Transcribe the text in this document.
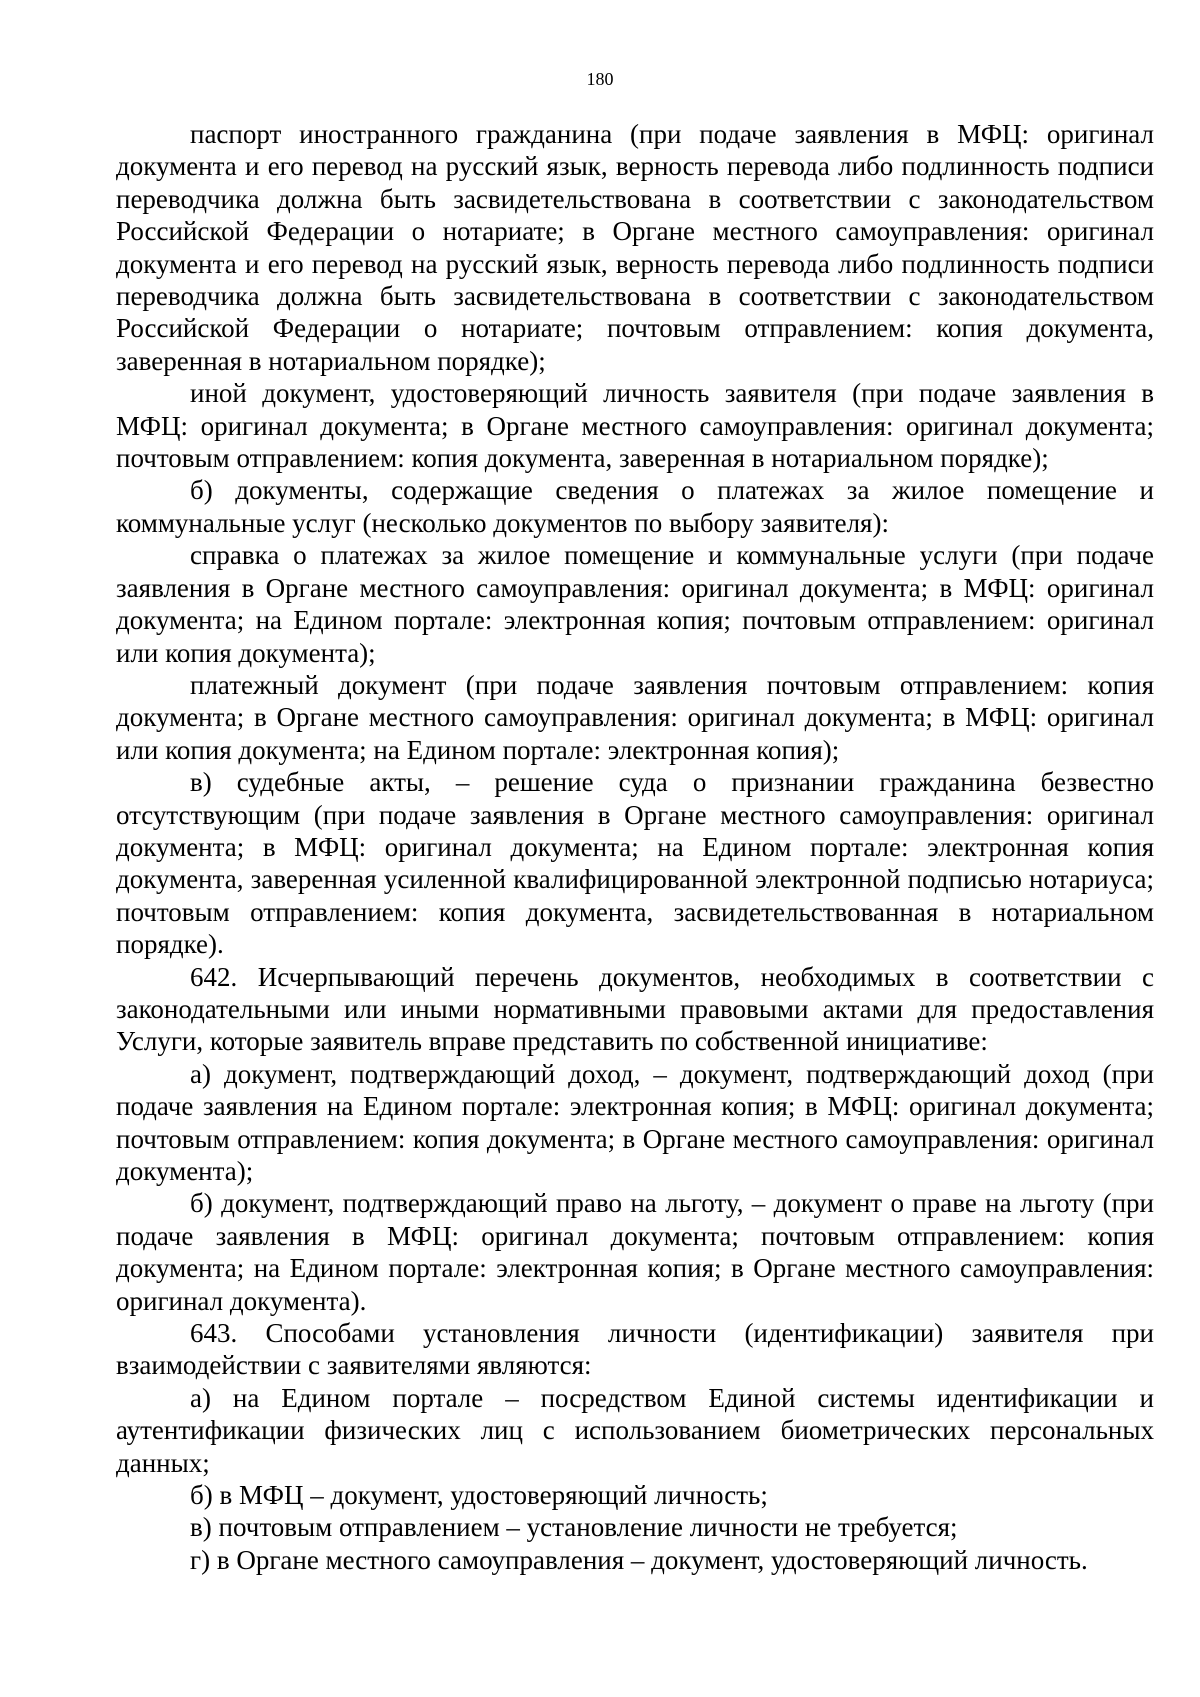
180

паспорт иностранного гражданина (при подаче заявления в МФЦ: оригинал документа и его перевод на русский язык, верность перевода либо подлинность подписи переводчика должна быть засвидетельствована в соответствии с законодательством Российской Федерации о нотариате; в Органе местного самоуправления: оригинал документа и его перевод на русский язык, верность перевода либо подлинность подписи переводчика должна быть засвидетельствована в соответствии с законодательством Российской Федерации о нотариате; почтовым отправлением: копия документа, заверенная в нотариальном порядке);

иной документ, удостоверяющий личность заявителя (при подаче заявления в МФЦ: оригинал документа; в Органе местного самоуправления: оригинал документа; почтовым отправлением: копия документа, заверенная в нотариальном порядке);

б) документы, содержащие сведения о платежах за жилое помещение и коммунальные услуг (несколько документов по выбору заявителя):

справка о платежах за жилое помещение и коммунальные услуги (при подаче заявления в Органе местного самоуправления: оригинал документа; в МФЦ: оригинал документа; на Едином портале: электронная копия; почтовым отправлением: оригинал или копия документа);

платежный документ (при подаче заявления почтовым отправлением: копия документа; в Органе местного самоуправления: оригинал документа; в МФЦ: оригинал или копия документа; на Едином портале: электронная копия);

в) судебные акты, – решение суда о признании гражданина безвестно отсутствующим (при подаче заявления в Органе местного самоуправления: оригинал документа; в МФЦ: оригинал документа; на Едином портале: электронная копия документа, заверенная усиленной квалифицированной электронной подписью нотариуса; почтовым отправлением: копия документа, засвидетельствованная в нотариальном порядке).

642. Исчерпывающий перечень документов, необходимых в соответствии с законодательными или иными нормативными правовыми актами для предоставления Услуги, которые заявитель вправе представить по собственной инициативе:

а) документ, подтверждающий доход, – документ, подтверждающий доход (при подаче заявления на Едином портале: электронная копия; в МФЦ: оригинал документа; почтовым отправлением: копия документа; в Органе местного самоуправления: оригинал документа);

б) документ, подтверждающий право на льготу, – документ о праве на льготу (при подаче заявления в МФЦ: оригинал документа; почтовым отправлением: копия документа; на Едином портале: электронная копия; в Органе местного самоуправления: оригинал документа).

643. Способами установления личности (идентификации) заявителя при взаимодействии с заявителями являются:

а) на Едином портале – посредством Единой системы идентификации и аутентификации физических лиц с использованием биометрических персональных данных;

б) в МФЦ – документ, удостоверяющий личность;

в) почтовым отправлением – установление личности не требуется;

г) в Органе местного самоуправления – документ, удостоверяющий личность.
